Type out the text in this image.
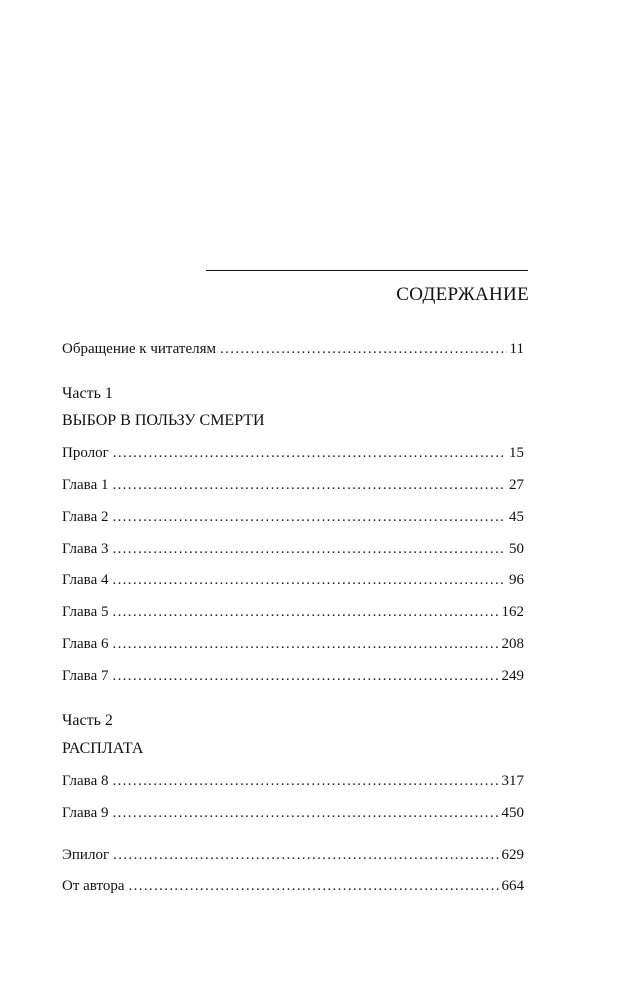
СОДЕРЖАНИЕ
Обращение к читателям . . .	11
Часть 1
ВЫБОР В ПОЛЬЗУ СМЕРТИ
Пролог . . .	15
Глава 1 . . .	27
Глава 2 . . .	45
Глава 3 . . .	50
Глава 4 . . .	96
Глава 5 . . .	162
Глава 6 . . .	208
Глава 7 . . .	249
Часть 2
РАСПЛАТА
Глава 8 . . .	317
Глава 9 . . .	450
Эпилог . . .	629
От автора . . .	664
